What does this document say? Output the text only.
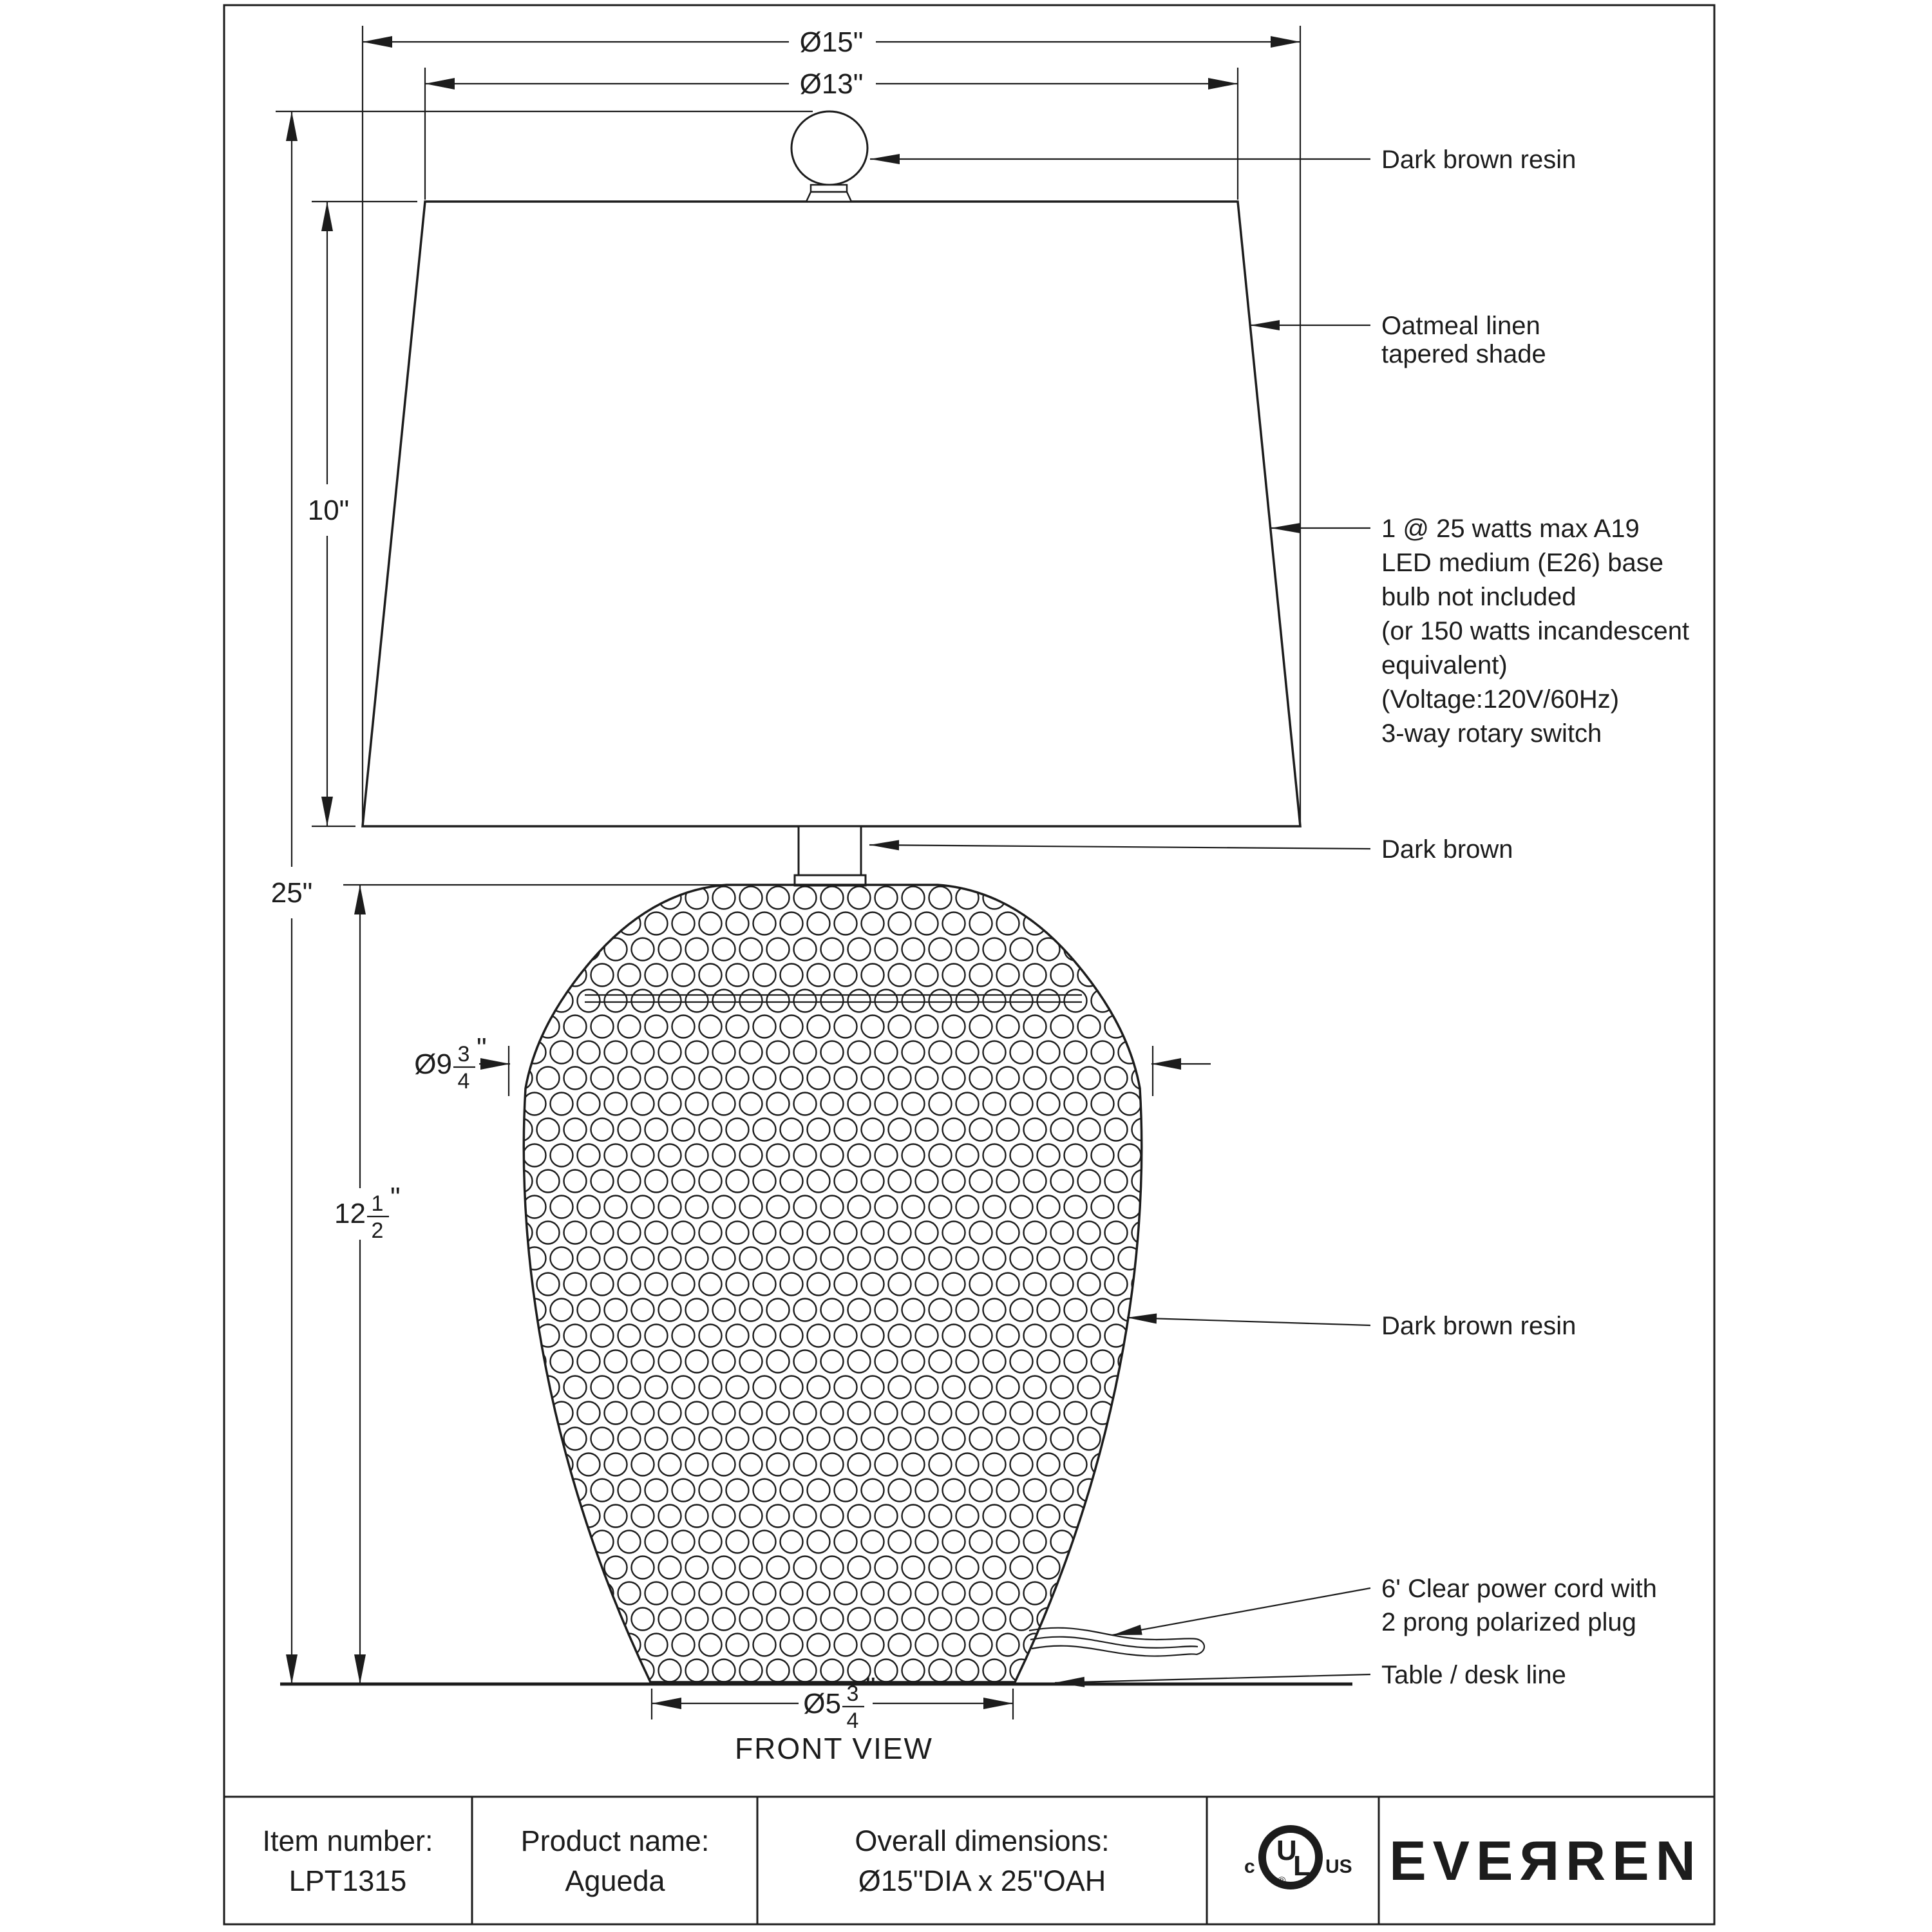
Ø15"
Ø13"
25"
10"
12 1
2
"
Ø9 3
4
"
Ø5 3
4
"
FRONT VIEW
Dark brown resin
Oatmeal linen
tapered shade
1 @ 25 watts max A19
LED medium (E26) base
bulb not included
(or 150 watts incandescent
equivalent)
(Voltage:120V/60Hz)
3-way rotary switch
Dark brown
Dark brown resin
6' Clear power cord with
2 prong polarized plug
Table / desk line
Item number:
LPT1315
Product name:
Agueda
Overall dimensions:
Ø15"DIA x 25"OAH
U
L
c	US
® EVEЯREN
